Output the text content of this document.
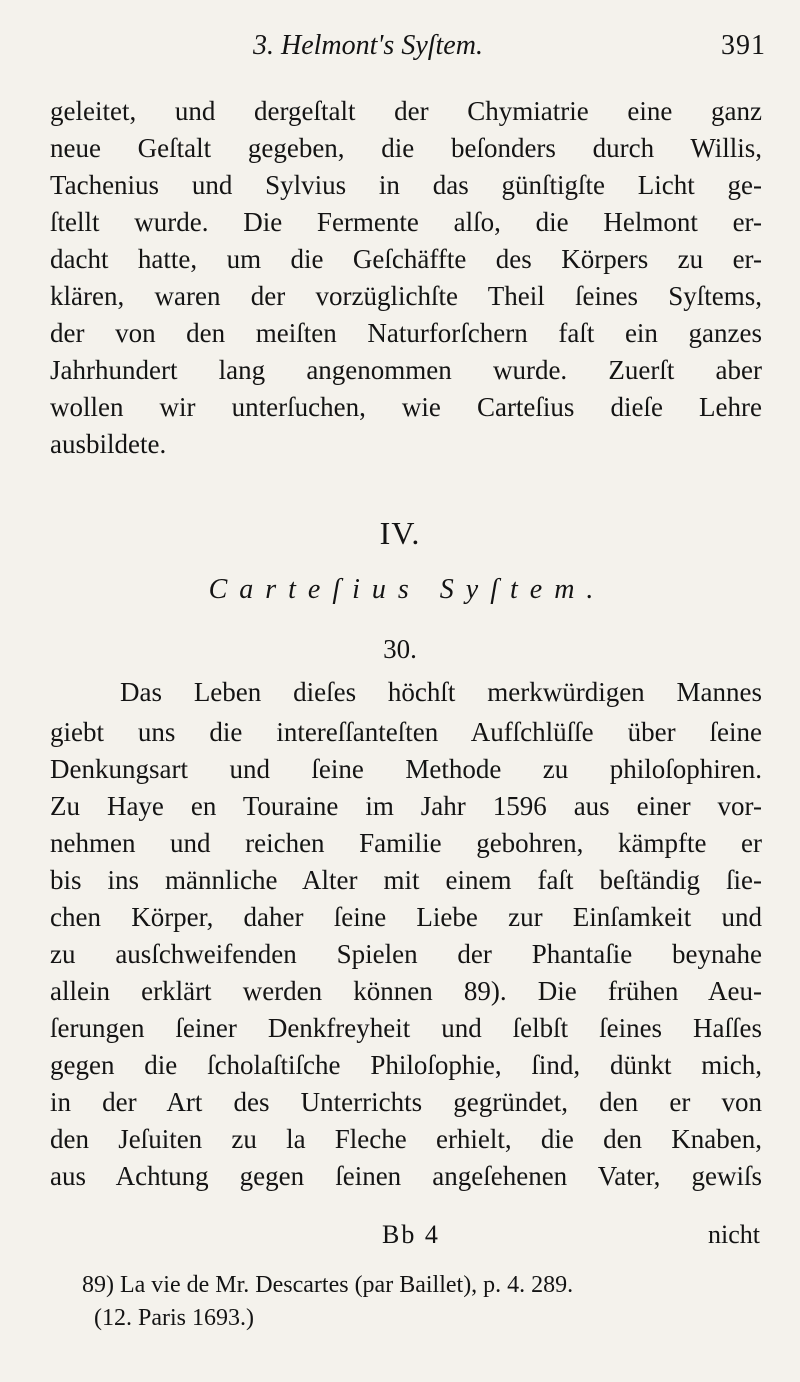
3. Helmont's Syſtem.	391
geleitet, und dergeſtalt der Chymiatrie eine ganz
neue Geſtalt gegeben, die beſonders durch Willis,
Tachenius und Sylvius in das günſtigſte Licht ge-
ſtellt wurde. Die Fermente alſo, die Helmont er-
dacht hatte, um die Geſchäffte des Körpers zu er-
klären, waren der vorzüglichſte Theil ſeines Syſtems,
der von den meiſten Naturforſchern faſt ein ganzes
Jahrhundert lang angenommen wurde. Zuerſt aber
wollen wir unterſuchen, wie Carteſius dieſe Lehre
ausbildete.
IV.
Carteſius Syſtem.
30.
Das Leben dieſes höchſt merkwürdigen Mannes
giebt uns die intereſſanteſten Aufſchlüſſe über ſeine
Denkungsart und ſeine Methode zu philoſophiren.
Zu Haye en Touraine im Jahr 1596 aus einer vor-
nehmen und reichen Familie gebohren, kämpfte er
bis ins männliche Alter mit einem faſt beſtändig ſie-
chen Körper, daher ſeine Liebe zur Einſamkeit und
zu ausſchweifenden Spielen der Phantaſie beynahe
allein erklärt werden können 89). Die frühen Aeu-
ſerungen ſeiner Denkfreyheit und ſelbſt ſeines Haſſes
gegen die ſcholaſtiſche Philoſophie, ſind, dünkt mich,
in der Art des Unterrichts gegründet, den er von
den Jeſuiten zu la Fleche erhielt, die den Knaben,
aus Achtung gegen ſeinen angeſehenen Vater, gewiſs
Bb 4	nicht
89) La vie de Mr. Descartes (par Baillet), p. 4. 289.
(12. Paris 1693.)
